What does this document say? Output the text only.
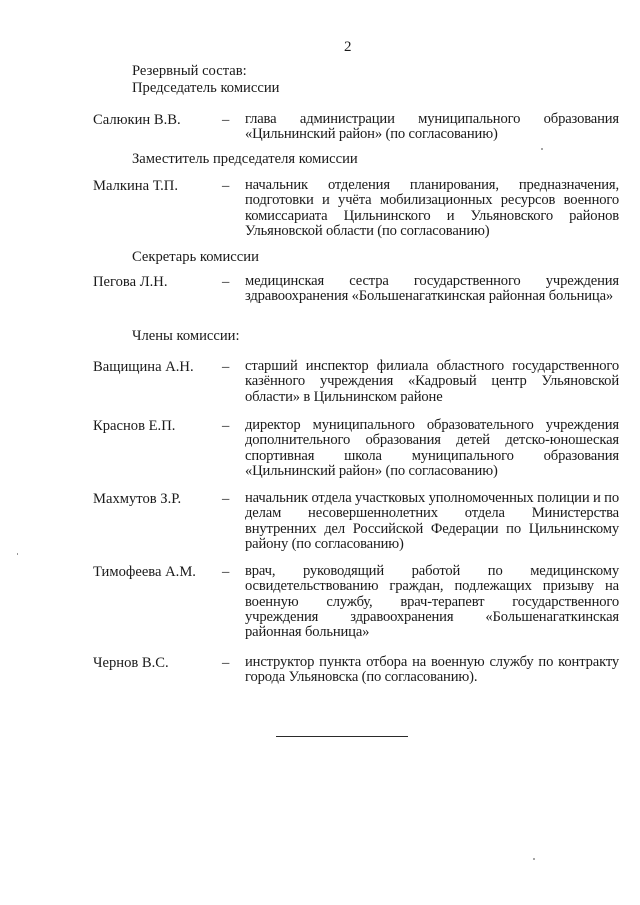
2
Резервный состав:
Председатель комиссии
Салюкин В.В.	– глава администрации муниципального образования «Цильнинский район» (по согласованию)
Заместитель председателя комиссии
Малкина Т.П.	– начальник отделения планирования, предназначения, подготовки и учёта мобилизационных ресурсов военного комиссариата Цильнинского и Ульяновского районов Ульяновской области (по согласованию)
Секретарь комиссии
Пегова Л.Н.	– медицинская сестра государственного учреждения здравоохранения «Большенагаткинская районная больница»
Члены комиссии:
Ващищина А.Н. – старший инспектор филиала областного государственного казённого учреждения «Кадровый центр Ульяновской области» в Цильнинском районе
Краснов Е.П.	– директор муниципального образовательного учреждения дополнительного образования детей детско-юношеская спортивная школа муниципального образования «Цильнинский район» (по согласованию)
Махмутов З.Р.	– начальник отдела участковых уполномоченных полиции и по делам несовершеннолетних отдела Министерства внутренних дел Российской Федерации по Цильнинскому району (по согласованию)
Тимофеева А.М. – врач, руководящий работой по медицинскому освидетельствованию граждан, подлежащих призыву на военную службу, врач-терапевт государственного учреждения здравоохранения «Большенагаткинская районная больница»
Чернов В.С.	– инструктор пункта отбора на военную службу по контракту города Ульяновска (по согласованию).
